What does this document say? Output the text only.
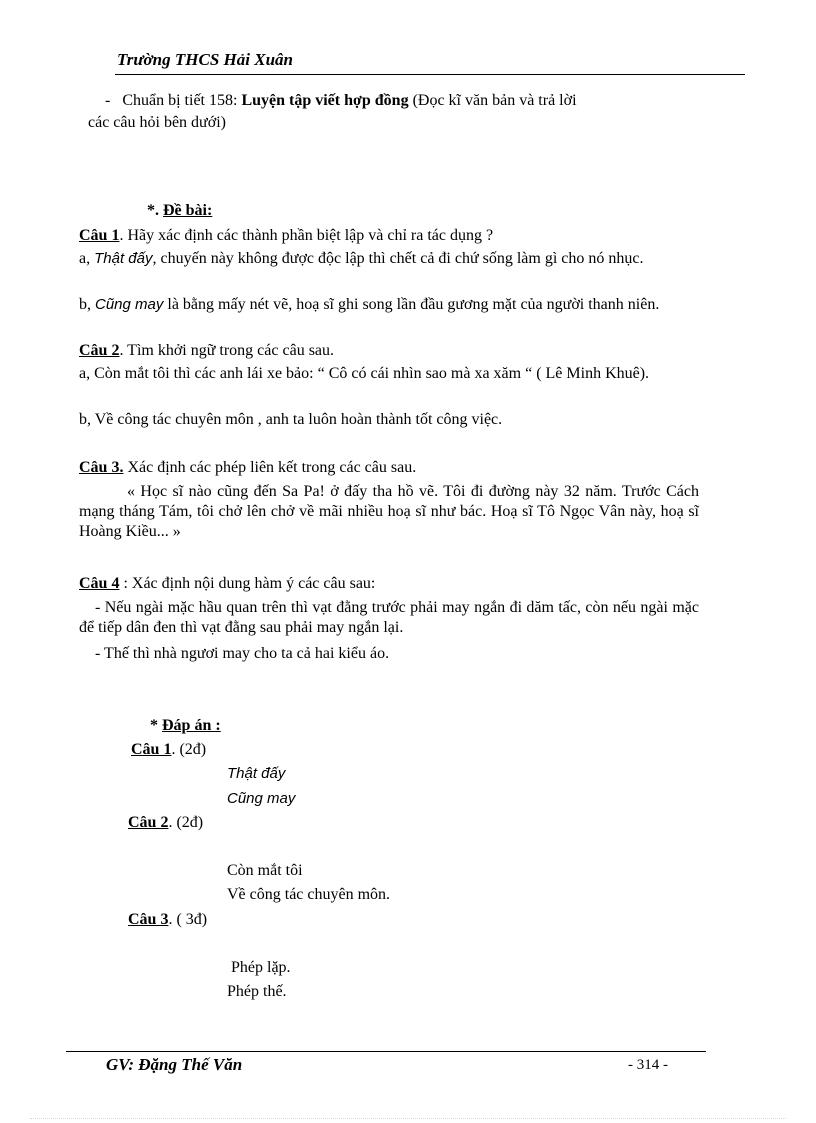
Trường THCS Hải Xuân
- Chuẩn bị tiết 158: Luyện tập viết hợp đồng (Đọc kĩ văn bản và trả lời
các câu hỏi bên dưới)
*. Đề bài:
Câu 1. Hãy xác định các thành phần biệt lập và chỉ ra tác dụng ?
a, Thật đấy, chuyến này không được độc lập thì chết cả đi chứ sống làm gì cho nó nhục.
b, Cũng may là bằng mấy nét vẽ, hoạ sĩ ghi song lần đầu gương mặt của người thanh niên.
Câu 2. Tìm khởi ngữ trong các câu sau.
a, Còn mắt tôi thì các anh lái xe bảo: “ Cô có cái nhìn sao mà xa xăm “ ( Lê Minh Khuê).
b, Về công tác chuyên môn , anh ta luôn hoàn thành tốt công việc.
Câu 3. Xác định các phép liên kết trong các câu sau.
« Học sĩ nào cũng đến Sa Pa! ở đấy tha hồ vẽ. Tôi đi đường này 32 năm. Trước Cách mạng tháng Tám, tôi chở lên chở về mãi nhiều hoạ sĩ như bác. Hoạ sĩ Tô Ngọc Vân này, hoạ sĩ Hoàng Kiều... »
Câu 4 : Xác định nội dung hàm ý các câu sau:
- Nếu ngài mặc hầu quan trên thì vạt đằng trước phải may ngắn đi dăm tấc, còn nếu ngài mặc để tiếp dân đen thì vạt đằng sau phải may ngắn lại.
- Thế thì nhà ngươi may cho ta cả hai kiểu áo.
* Đáp án :
Câu 1. (2đ)
Thật đấy
Cũng may
Câu 2. (2đ)
Còn mắt tôi
Về công tác chuyên môn.
Câu 3. ( 3đ)
Phép lặp.
Phép thế.
GV: Đặng Thế Văn	- 314 -
